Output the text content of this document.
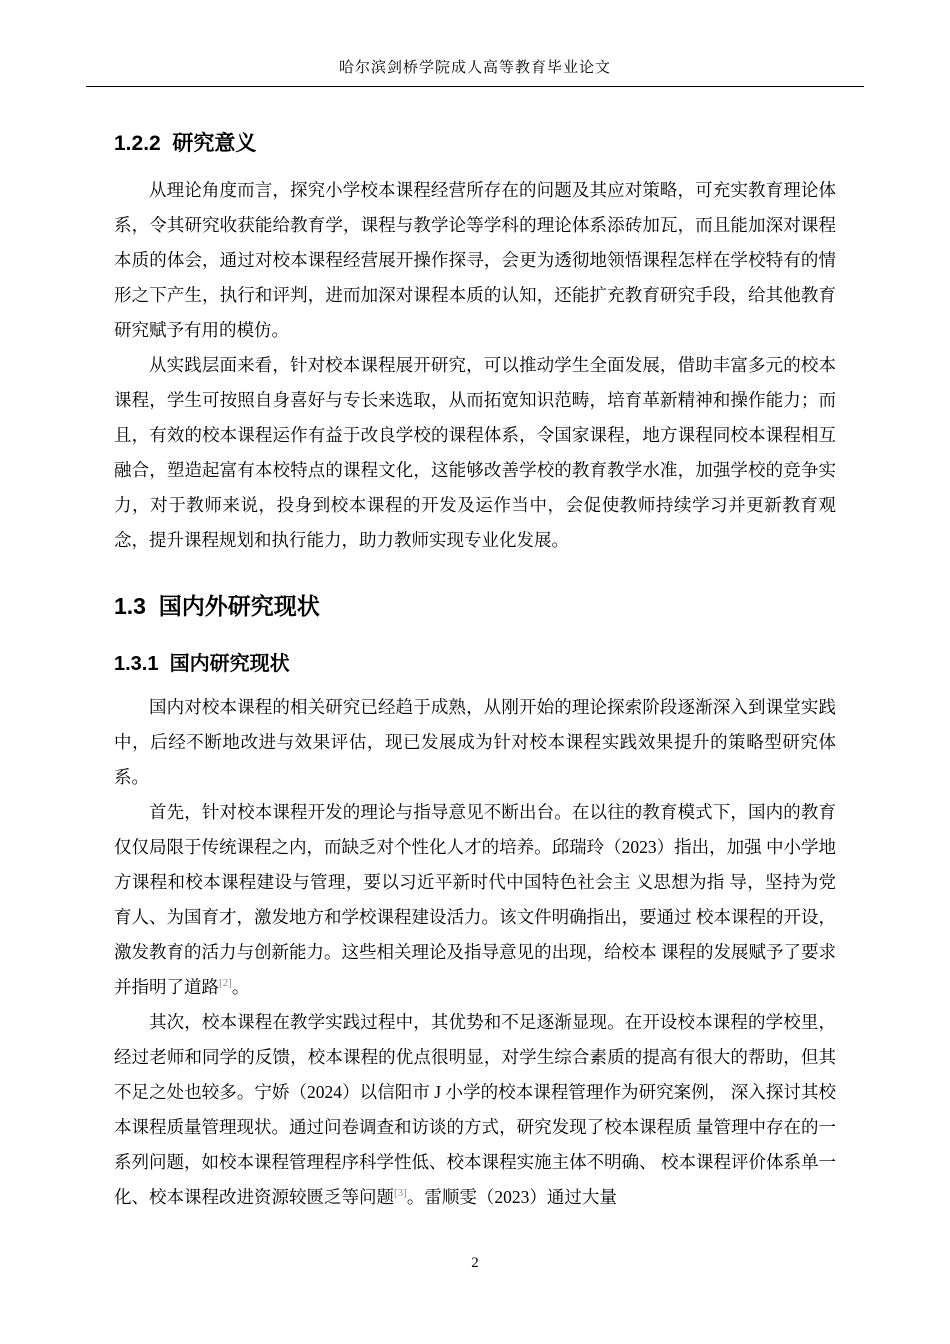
哈尔滨剑桥学院成人高等教育毕业论文
1.2.2  研究意义

从理论角度而言，探究小学校本课程经营所存在的问题及其应对策略，可充实教育理论体系，令其研究收获能给教育学，课程与教学论等学科的理论体系添砖加瓦，而且能加深对课程本质的体会，通过对校本课程经营展开操作探寻，会更为透彻地领悟课程怎样在学校特有的情形之下产生，执行和评判，进而加深对课程本质的认知，还能扩充教育研究手段，给其他教育研究赋予有用的模仿。

从实践层面来看，针对校本课程展开研究，可以推动学生全面发展，借助丰富多元的校本课程，学生可按照自身喜好与专长来选取，从而拓宽知识范畴，培育革新精神和操作能力；而且，有效的校本课程运作有益于改良学校的课程体系，令国家课程，地方课程同校本课程相互融合，塑造起富有本校特点的课程文化，这能够改善学校的教育教学水准，加强学校的竞争实力，对于教师来说，投身到校本课程的开发及运作当中，会促使教师持续学习并更新教育观念，提升课程规划和执行能力，助力教师实现专业化发展。

1.3  国内外研究现状
1.3.1  国内研究现状

国内对校本课程的相关研究已经趋于成熟，从刚开始的理论探索阶段逐渐深入到课堂实践中，后经不断地改进与效果评估，现已发展成为针对校本课程实践效果提升的策略型研究体系。

首先，针对校本课程开发的理论与指导意见不断出台。在以往的教育模式下，国内的教育仅仅局限于传统课程之内，而缺乏对个性化人才的培养。邱瑞玲（2023）指出，加强 中小学地方课程和校本课程建设与管理，要以习近平新时代中国特色社会主 义思想为指 导，坚持为党育人、为国育才，激发地方和学校课程建设活力。该文件明确指出，要通过 校本课程的开设，激发教育的活力与创新能力。这些相关理论及指导意见的出现，给校本 课程的发展赋予了要求并指明了道路[2]。

其次，校本课程在教学实践过程中，其优势和不足逐渐显现。在开设校本课程的学校里，经过老师和同学的反馈，校本课程的优点很明显，对学生综合素质的提高有很大的帮助，但其不足之处也较多。宁娇（2024）以信阳市 J 小学的校本课程管理作为研究案例， 深入探讨其校本课程质量管理现状。通过问卷调查和访谈的方式，研究发现了校本课程质 量管理中存在的一系列问题，如校本课程管理程序科学性低、校本课程实施主体不明确、 校本课程评价体系单一化、校本课程改进资源较匮乏等问题[3]。雷顺雯（2023）通过大量

2
